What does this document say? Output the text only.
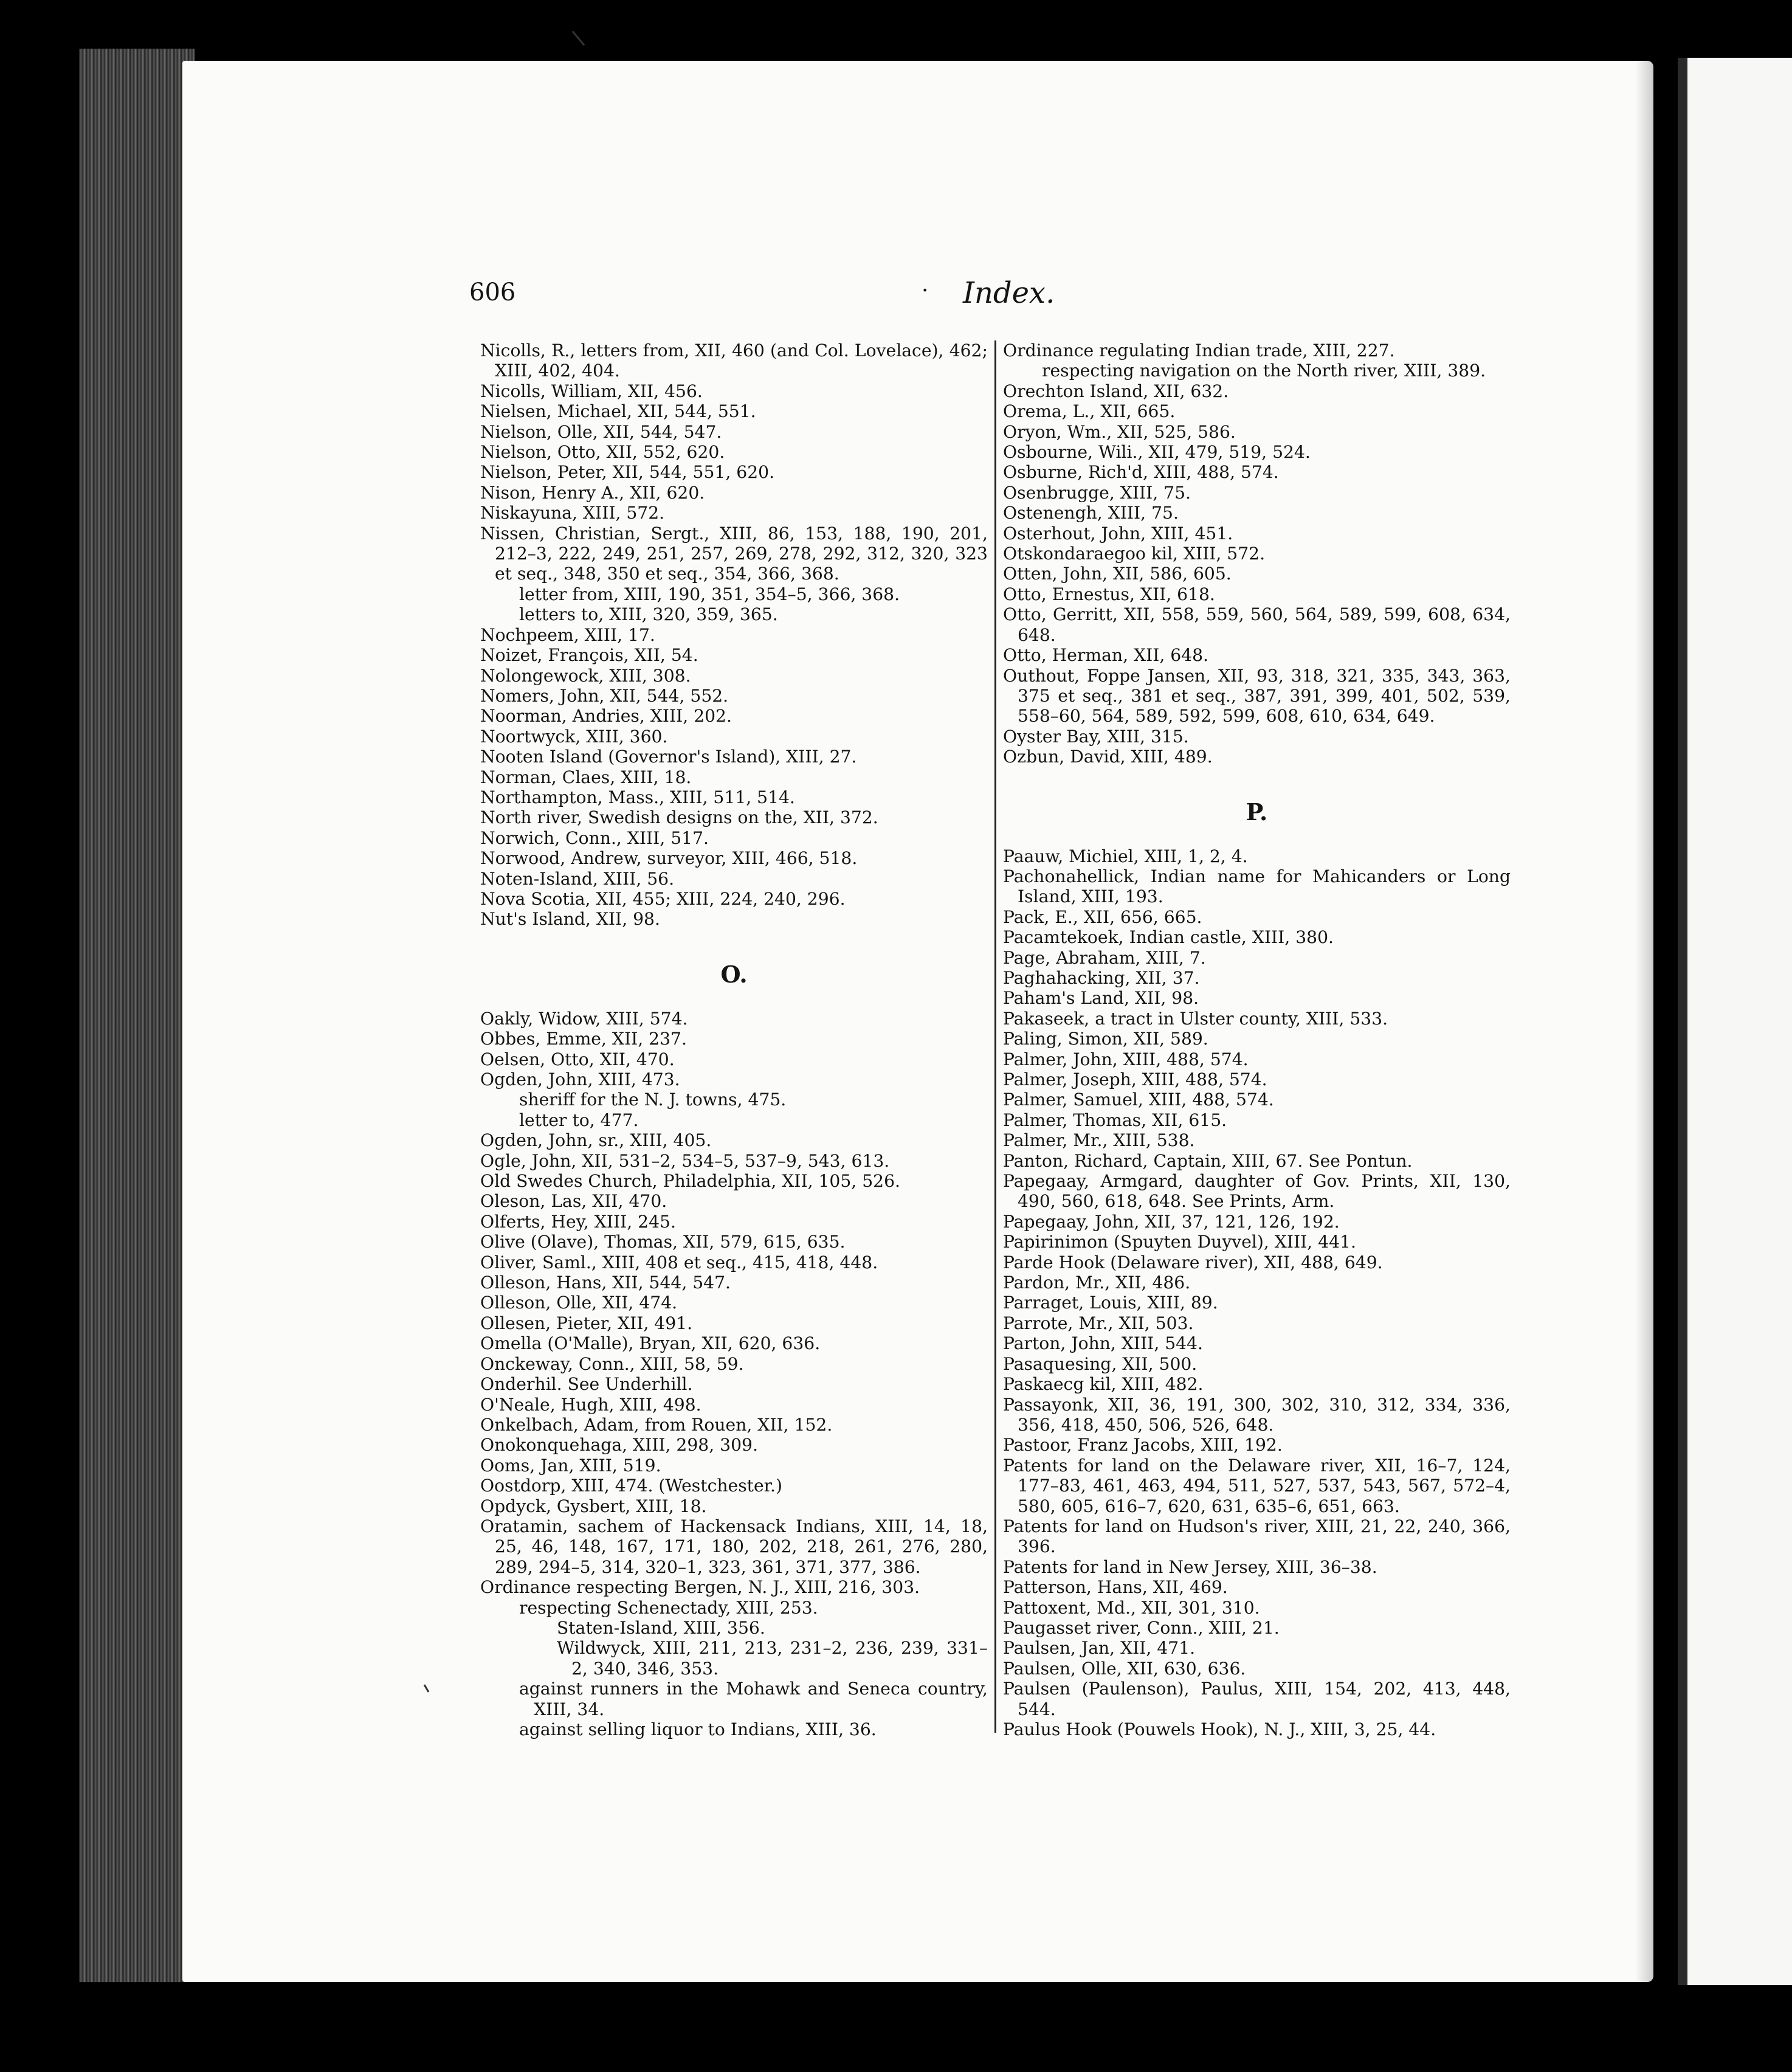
606	· Index.

Nicolls, R., letters from, XII, 460 (and Col. Lovelace), 462; XIII, 402, 404.

Nicolls, William, XII, 456.

Nielsen, Michael, XII, 544, 551.

Nielson, Olle, XII, 544, 547.

Nielson, Otto, XII, 552, 620.

Nielson, Peter, XII, 544, 551, 620.

Nison, Henry A., XII, 620.

Niskayuna, XIII, 572.

Nissen, Christian, Sergt., XIII, 86, 153, 188, 190, 201, 212–3, 222, 249, 251, 257, 269, 278, 292, 312, 320, 323 et seq., 348, 350 et seq., 354, 366, 368.

letter from, XIII, 190, 351, 354–5, 366, 368.

letters to, XIII, 320, 359, 365.

Nochpeem, XIII, 17.

Noizet, François, XII, 54.

Nolongewock, XIII, 308.

Nomers, John, XII, 544, 552.

Noorman, Andries, XIII, 202.

Noortwyck, XIII, 360.

Nooten Island (Governor's Island), XIII, 27.

Norman, Claes, XIII, 18.

Northampton, Mass., XIII, 511, 514.

North river, Swedish designs on the, XII, 372.

Norwich, Conn., XIII, 517.

Norwood, Andrew, surveyor, XIII, 466, 518.

Noten-Island, XIII, 56.

Nova Scotia, XII, 455; XIII, 224, 240, 296.

Nut's Island, XII, 98.

O.

Oakly, Widow, XIII, 574.

Obbes, Emme, XII, 237.

Oelsen, Otto, XII, 470.

Ogden, John, XIII, 473.

sheriff for the N. J. towns, 475.

letter to, 477.

Ogden, John, sr., XIII, 405.

Ogle, John, XII, 531–2, 534–5, 537–9, 543, 613.

Old Swedes Church, Philadelphia, XII, 105, 526.

Oleson, Las, XII, 470.

Olferts, Hey, XIII, 245.

Olive (Olave), Thomas, XII, 579, 615, 635.

Oliver, Saml., XIII, 408 et seq., 415, 418, 448.

Olleson, Hans, XII, 544, 547.

Olleson, Olle, XII, 474.

Ollesen, Pieter, XII, 491.

Omella (O'Malle), Bryan, XII, 620, 636.

Onckeway, Conn., XIII, 58, 59.

Onderhil. See Underhill.

O'Neale, Hugh, XIII, 498.

Onkelbach, Adam, from Rouen, XII, 152.

Onokonquehaga, XIII, 298, 309.

Ooms, Jan, XIII, 519.

Oostdorp, XIII, 474. (Westchester.)

Opdyck, Gysbert, XIII, 18.

Oratamin, sachem of Hackensack Indians, XIII, 14, 18, 25, 46, 148, 167, 171, 180, 202, 218, 261, 276, 280, 289, 294–5, 314, 320–1, 323, 361, 371, 377, 386.

Ordinance respecting Bergen, N. J., XIII, 216, 303.

respecting Schenectady, XIII, 253.

Staten-Island, XIII, 356.

Wildwyck, XIII, 211, 213, 231–2, 236, 239, 331–2, 340, 346, 353.

against runners in the Mohawk and Seneca country, XIII, 34.

against selling liquor to Indians, XIII, 36.

Ordinance regulating Indian trade, XIII, 227.

respecting navigation on the North river, XIII, 389.

Orechton Island, XII, 632.

Orema, L., XII, 665.

Oryon, Wm., XII, 525, 586.

Osbourne, Wili., XII, 479, 519, 524.

Osburne, Rich'd, XIII, 488, 574.

Osenbrugge, XIII, 75.

Ostenengh, XIII, 75.

Osterhout, John, XIII, 451.

Otskondaraegoo kil, XIII, 572.

Otten, John, XII, 586, 605.

Otto, Ernestus, XII, 618.

Otto, Gerritt, XII, 558, 559, 560, 564, 589, 599, 608, 634, 648.

Otto, Herman, XII, 648.

Outhout, Foppe Jansen, XII, 93, 318, 321, 335, 343, 363, 375 et seq., 381 et seq., 387, 391, 399, 401, 502, 539, 558–60, 564, 589, 592, 599, 608, 610, 634, 649.

Oyster Bay, XIII, 315.

Ozbun, David, XIII, 489.

P.

Paauw, Michiel, XIII, 1, 2, 4.

Pachonahellick, Indian name for Mahicanders or Long Island, XIII, 193.

Pack, E., XII, 656, 665.

Pacamtekoek, Indian castle, XIII, 380.

Page, Abraham, XIII, 7.

Paghahacking, XII, 37.

Paham's Land, XII, 98.

Pakaseek, a tract in Ulster county, XIII, 533.

Paling, Simon, XII, 589.

Palmer, John, XIII, 488, 574.

Palmer, Joseph, XIII, 488, 574.

Palmer, Samuel, XIII, 488, 574.

Palmer, Thomas, XII, 615.

Palmer, Mr., XIII, 538.

Panton, Richard, Captain, XIII, 67. See Pontun.

Papegaay, Armgard, daughter of Gov. Prints, XII, 130, 490, 560, 618, 648. See Prints, Arm.

Papegaay, John, XII, 37, 121, 126, 192.

Papirinimon (Spuyten Duyvel), XIII, 441.

Parde Hook (Delaware river), XII, 488, 649.

Pardon, Mr., XII, 486.

Parraget, Louis, XIII, 89.

Parrote, Mr., XII, 503.

Parton, John, XIII, 544.

Pasaquesing, XII, 500.

Paskaecg kil, XIII, 482.

Passayonk, XII, 36, 191, 300, 302, 310, 312, 334, 336, 356, 418, 450, 506, 526, 648.

Pastoor, Franz Jacobs, XIII, 192.

Patents for land on the Delaware river, XII, 16–7, 124, 177–83, 461, 463, 494, 511, 527, 537, 543, 567, 572–4, 580, 605, 616–7, 620, 631, 635–6, 651, 663.

Patents for land on Hudson's river, XIII, 21, 22, 240, 366, 396.

Patents for land in New Jersey, XIII, 36–38.

Patterson, Hans, XII, 469.

Pattoxent, Md., XII, 301, 310.

Paugasset river, Conn., XIII, 21.

Paulsen, Jan, XII, 471.

Paulsen, Olle, XII, 630, 636.

Paulsen (Paulenson), Paulus, XIII, 154, 202, 413, 448, 544.

Paulus Hook (Pouwels Hook), N. J., XIII, 3, 25, 44.
